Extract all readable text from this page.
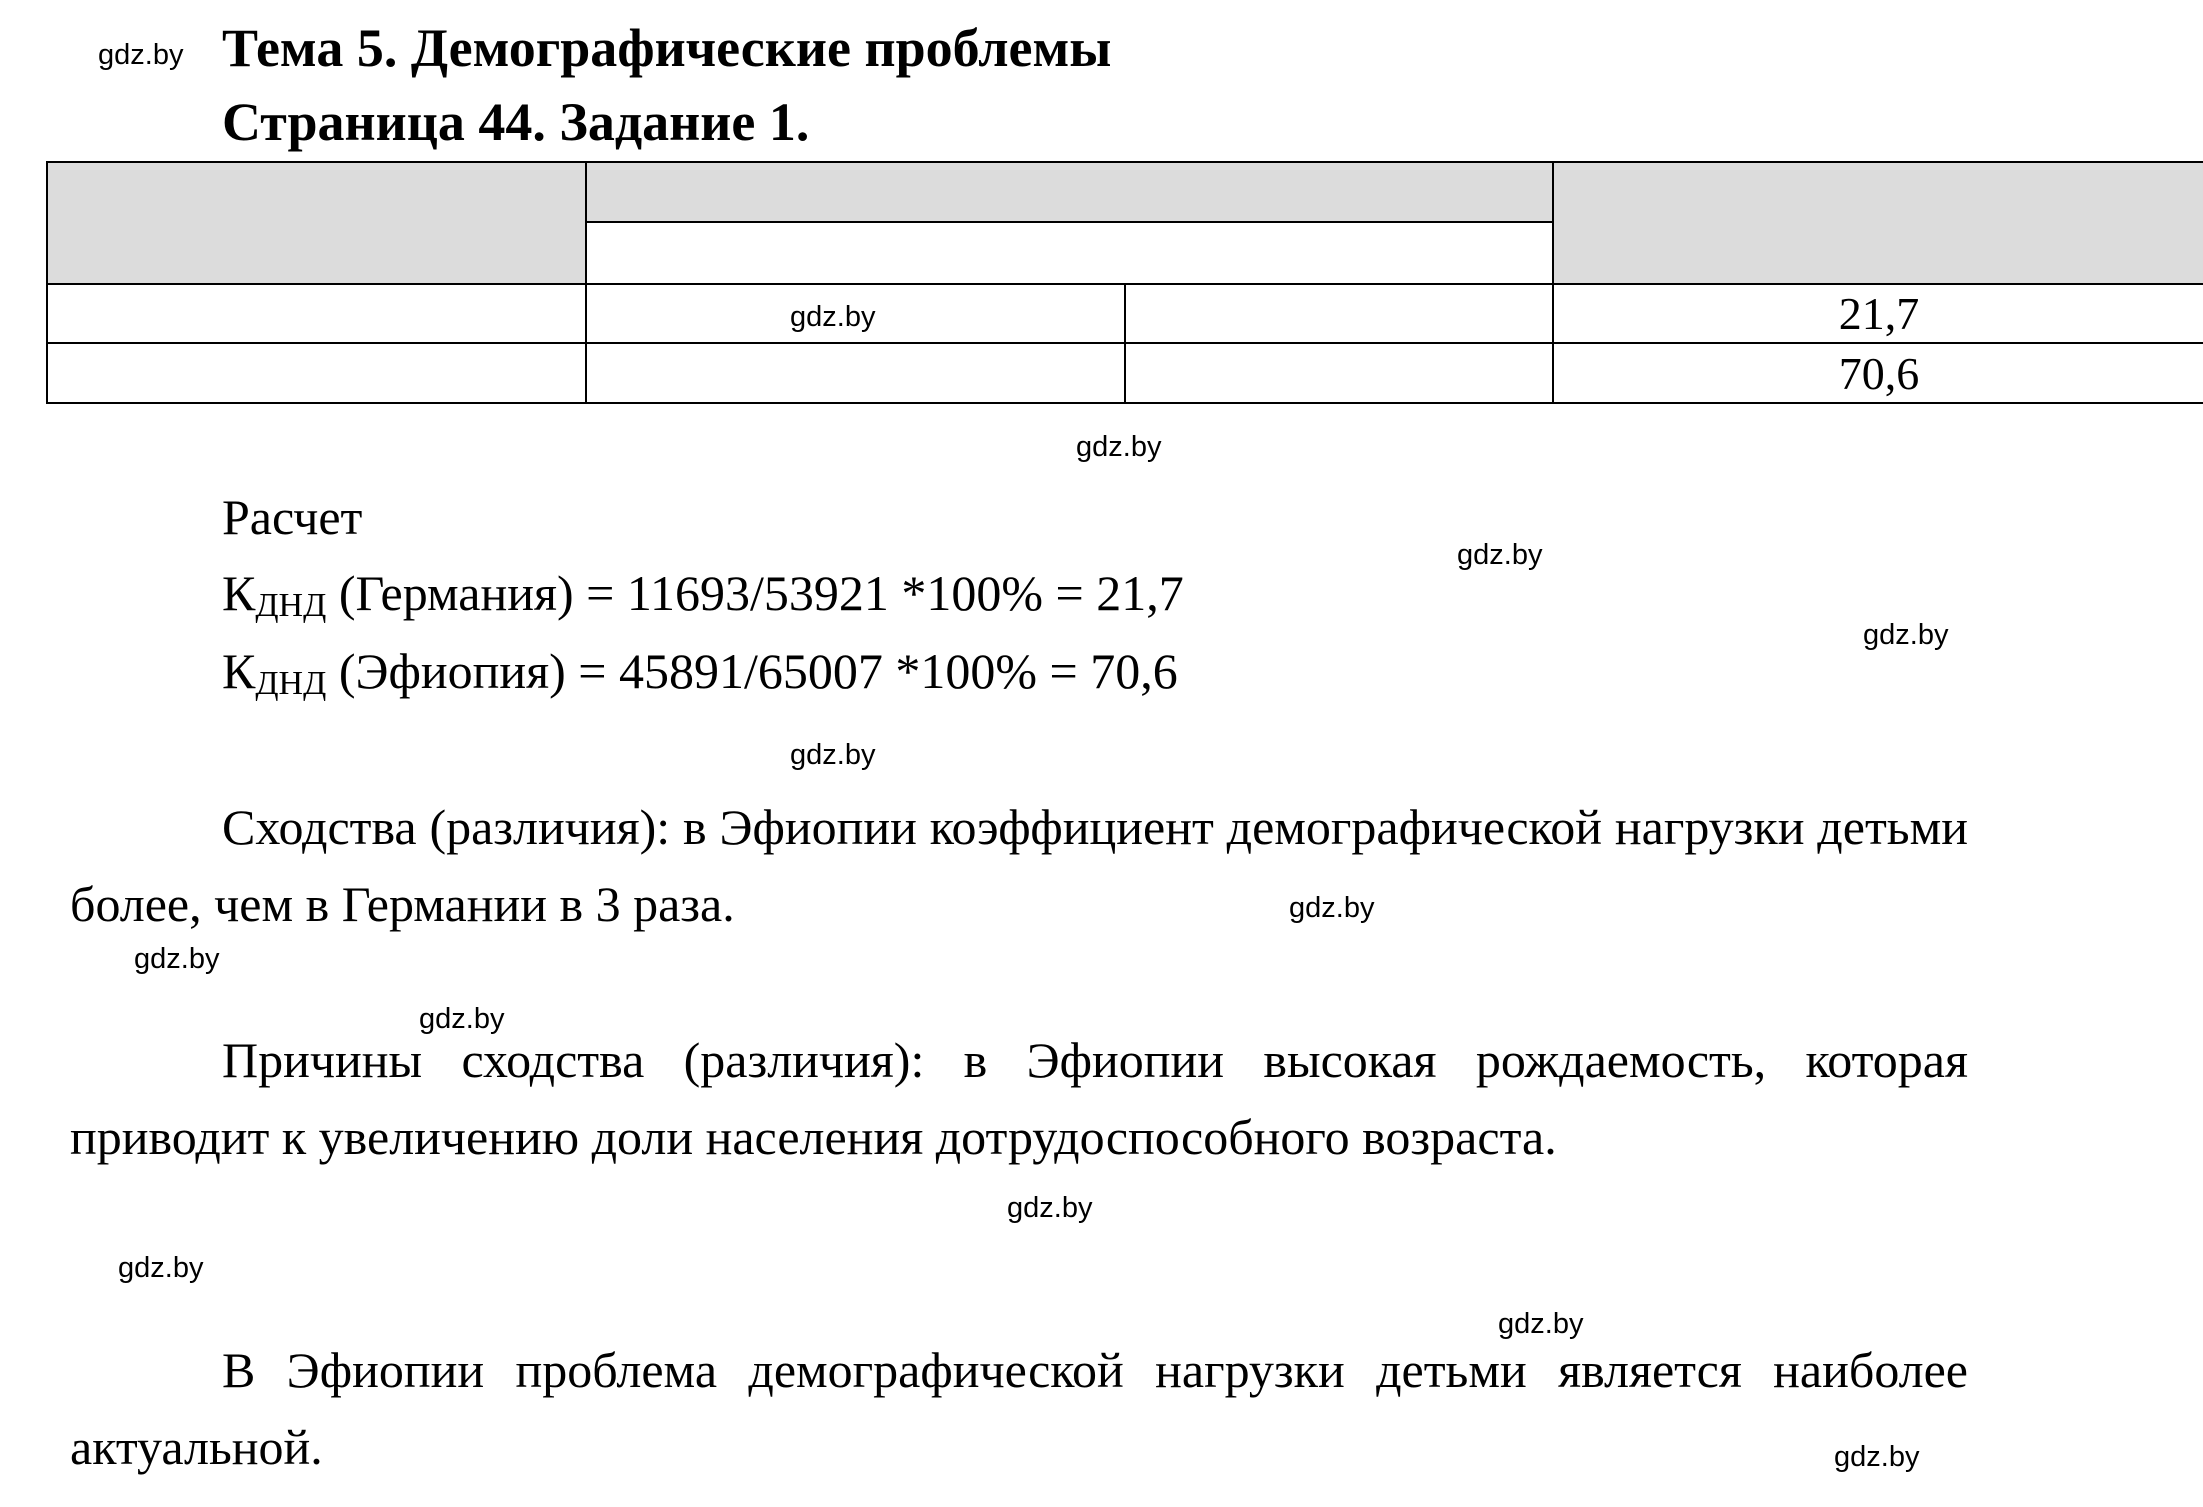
gdz.by
gdz.by
gdz.by
gdz.by
gdz.by
gdz.by
gdz.by
gdz.by
gdz.by
gdz.by
gdz.by
gdz.by
gdz.by
Тема 5. Демографические проблемы
Страница 44. Задание 1.
21,7
70,6
Расчет
КДНД (Германия) = 11693/53921 *100% = 21,7
КДНД (Эфиопия) = 45891/65007 *100% = 70,6
Сходства (различия): в Эфиопии коэффициент демографической нагрузки детьми более, чем в Германии в 3 раза.
Причины сходства (различия): в Эфиопии высокая рождаемость, которая приводит к увеличению доли населения дотрудоспособного возраста.
В Эфиопии проблема демографической нагрузки детьми является наиболее актуальной.
